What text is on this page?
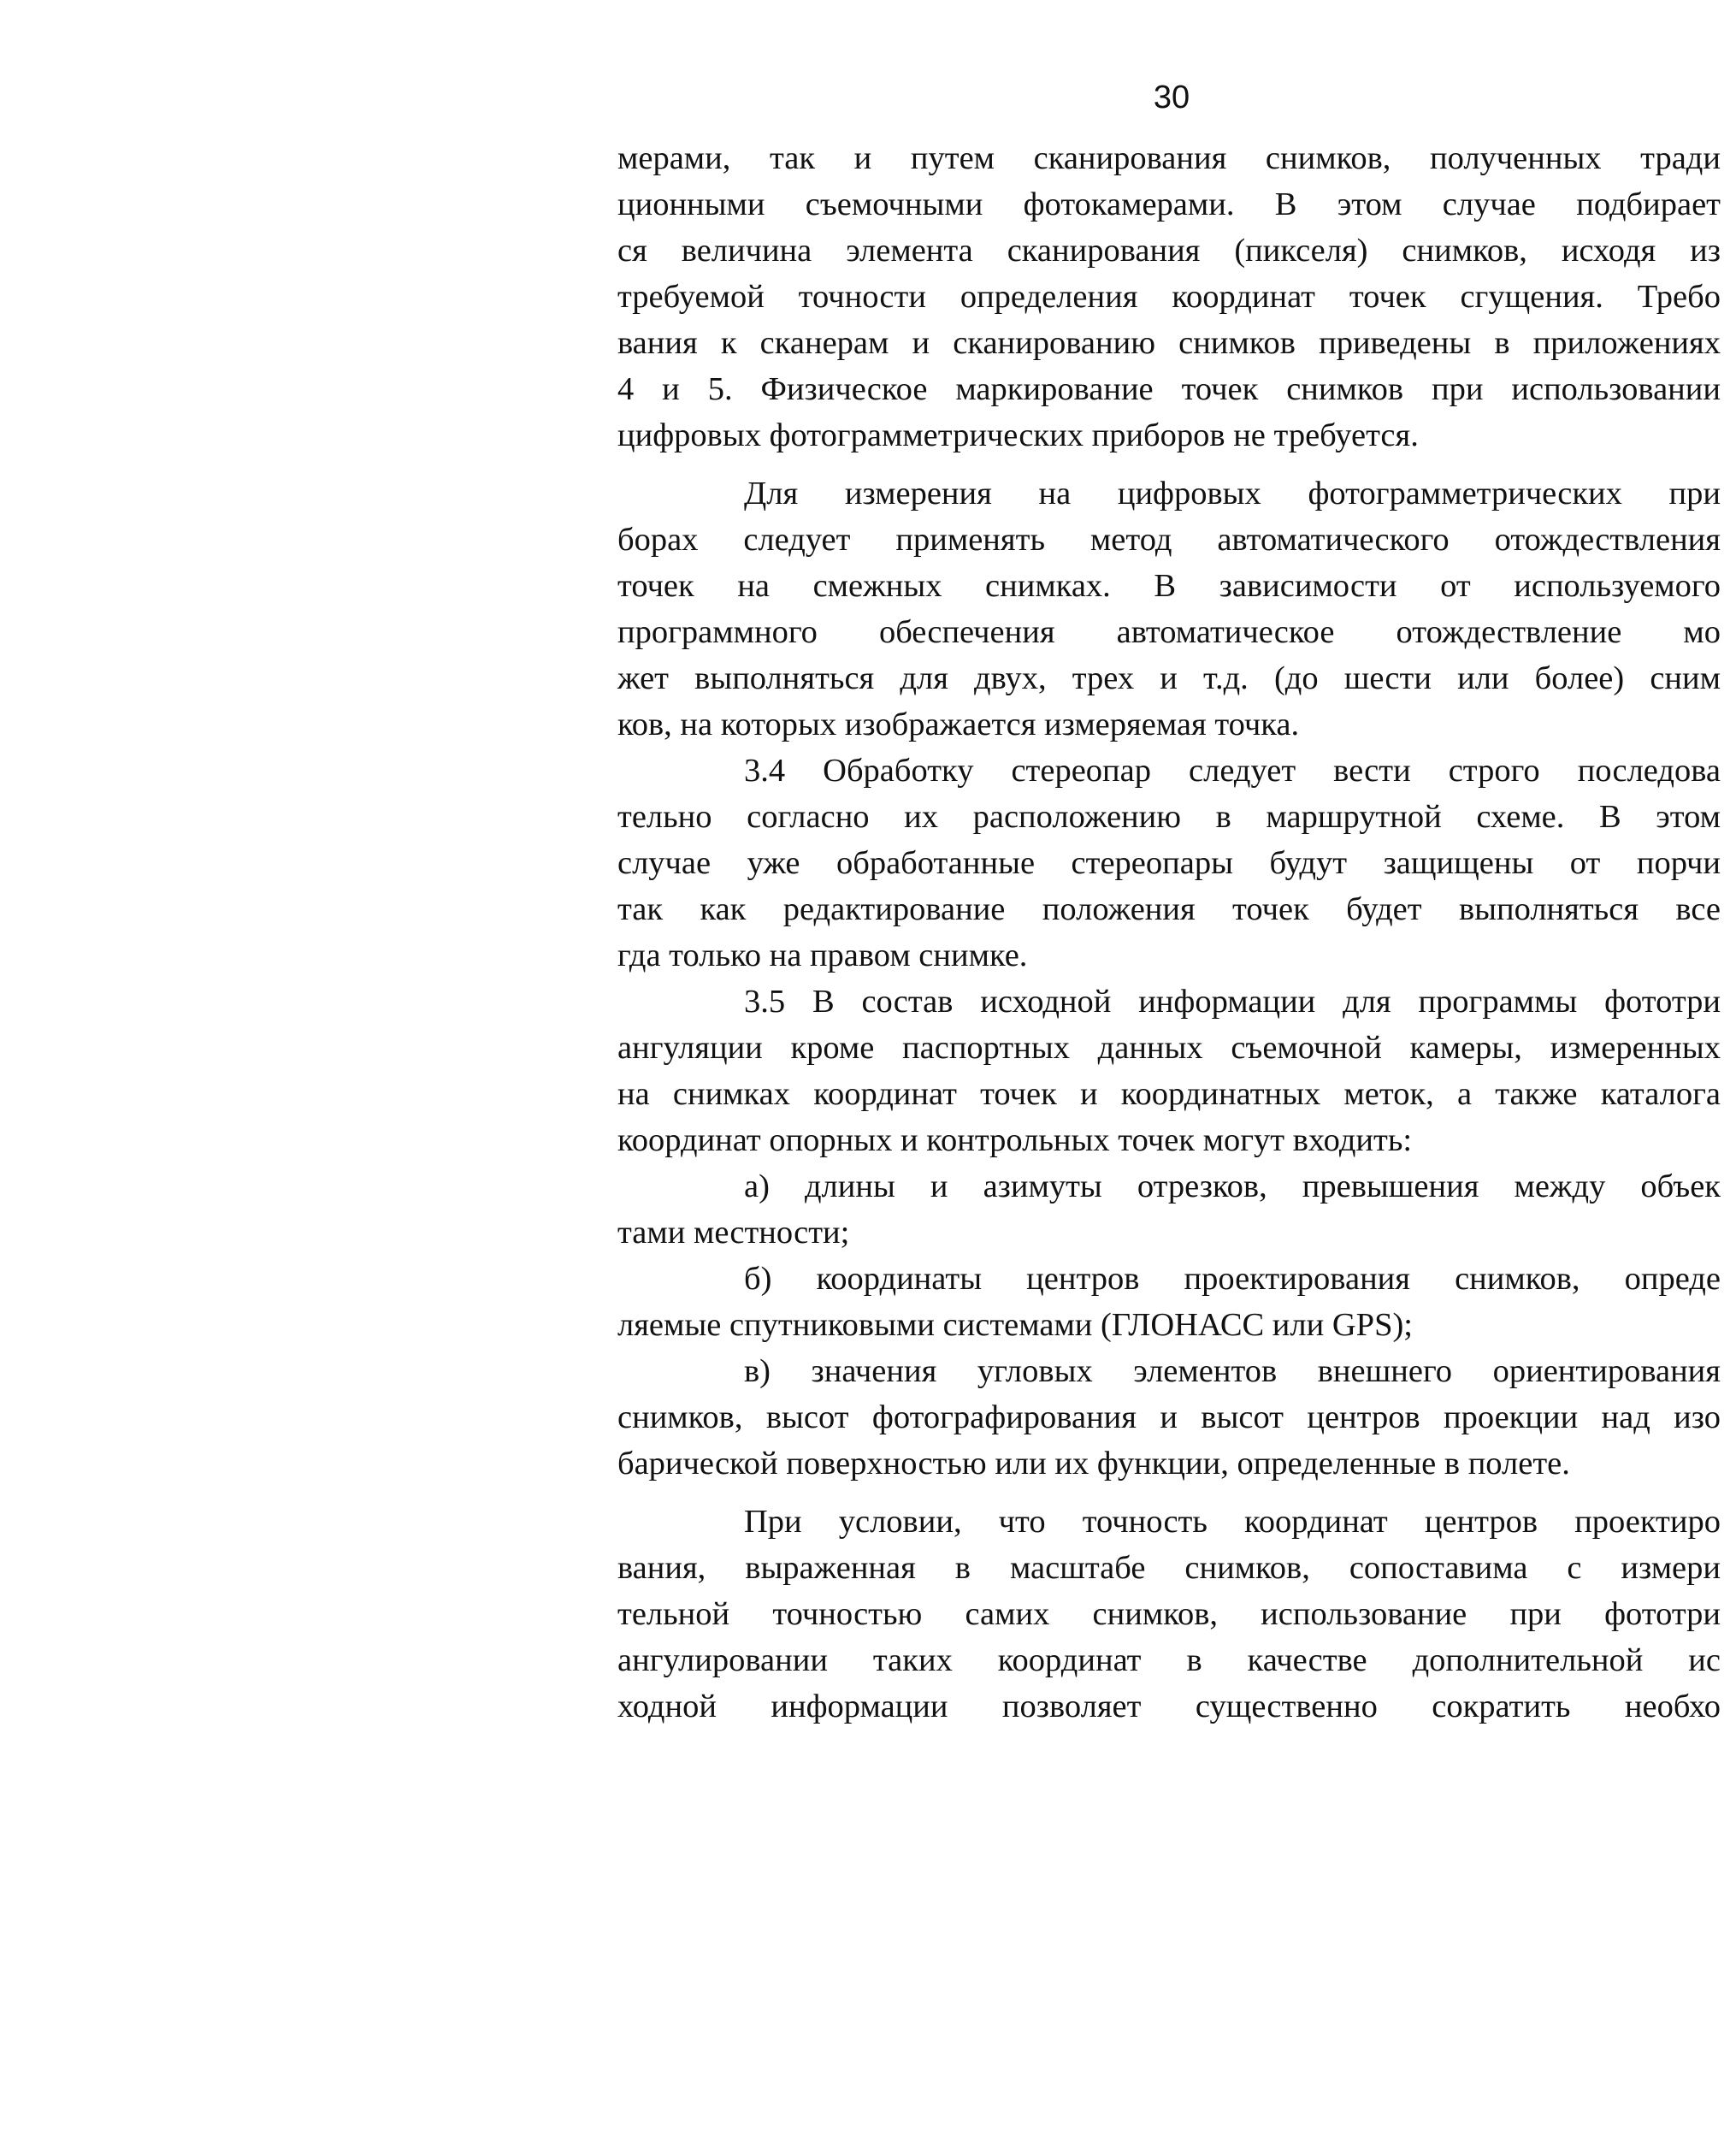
30
мерами, так и путем сканирования снимков, полученных тради
ционными съемочными фотокамерами. В этом случае подбирает
ся величина элемента сканирования (пикселя) снимков, исходя из
требуемой точности определения координат точек сгущения. Требо
вания к сканерам и сканированию снимков приведены в приложениях
4 и 5. Физическое маркирование точек снимков при использовании
цифровых фотограмметрических приборов не требуется.
Для измерения на цифровых фотограмметрических при
борах следует применять метод автоматического отождествления
точек на смежных снимках. В зависимости от используемого
программного обеспечения автоматическое отождествление мо
жет выполняться для двух, трех и т.д. (до шести или более) сним
ков, на которых изображается измеряемая точка.
3.4 Обработку стереопар следует вести строго последова
тельно согласно их расположению в маршрутной схеме. В этом
случае уже обработанные стереопары будут защищены от порчи
так как редактирование положения точек будет выполняться все
гда только на правом снимке.
3.5 В состав исходной информации для программы фототри
ангуляции кроме паспортных данных съемочной камеры, измеренных
на снимках координат точек и координатных меток, а также каталога
координат опорных и контрольных точек могут входить:
а) длины и азимуты отрезков, превышения между объек
тами местности;
б) координаты центров проектирования снимков, опреде
ляемые спутниковыми системами (ГЛОНАСС или GPS);
в) значения угловых элементов внешнего ориентирования
снимков, высот фотографирования и высот центров проекции над изо
барической поверхностью или их функции, определенные в полете.
При условии, что точность координат центров проектиро
вания, выраженная в масштабе снимков, сопоставима с измери
тельной точностью самих снимков, использование при фототри
ангулировании таких координат в качестве дополнительной ис
ходной информации позволяет существенно сократить необхо
